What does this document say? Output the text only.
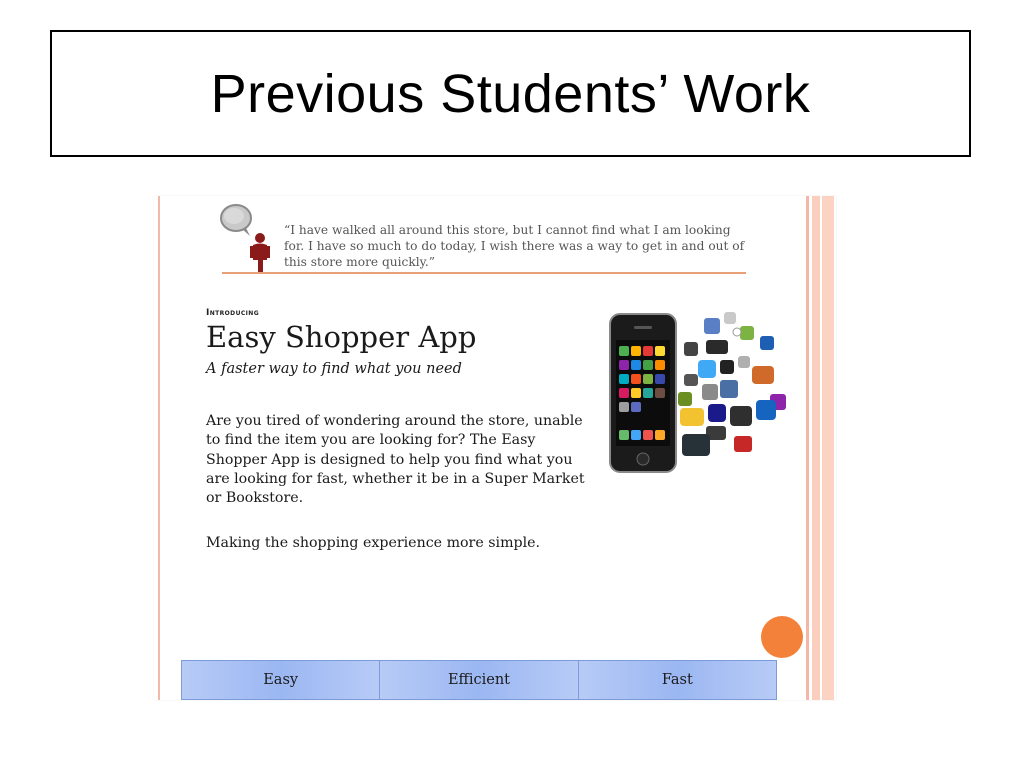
Previous Students’ Work
“I have walked all around this store, but I cannot find what I am looking for. I have so much to do today, I wish there was a way to get in and out of this store more quickly.”
Introducing
Easy Shopper App
A faster way to find what you need
Are you tired of wondering around the store, unable to find the item you are looking for? The Easy Shopper App is designed to help you find what you are looking for fast, whether it be in a Super Market or Bookstore.
Making the shopping experience more simple.
Easy	Efficient	Fast
